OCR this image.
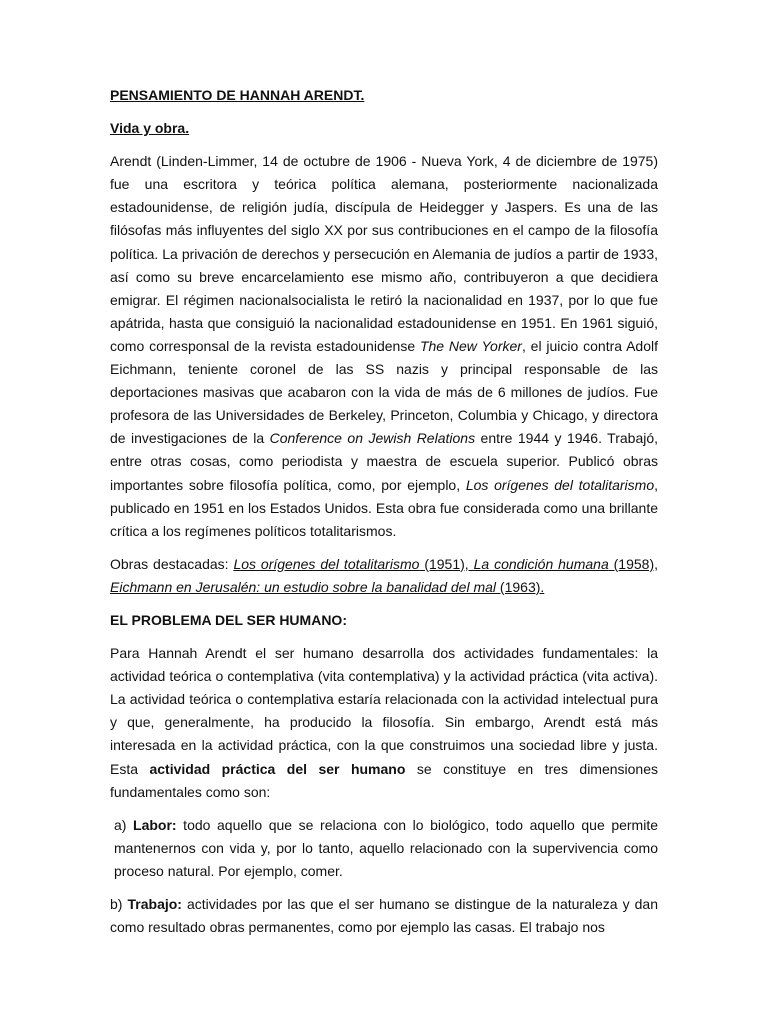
PENSAMIENTO DE HANNAH ARENDT.

Vida y obra.

Arendt (Linden-Limmer, 14 de octubre de 1906 - Nueva York, 4 de diciembre de 1975) fue una escritora y teórica política alemana, posteriormente nacionalizada estadounidense, de religión judía, discípula de Heidegger y Jaspers. Es una de las filósofas más influyentes del siglo XX por sus contribuciones en el campo de la filosofía política. La privación de derechos y persecución en Alemania de judíos a partir de 1933, así como su breve encarcelamiento ese mismo año, contribuyeron a que decidiera emigrar. El régimen nacionalsocialista le retiró la nacionalidad en 1937, por lo que fue apátrida, hasta que consiguió la nacionalidad estadounidense en 1951. En 1961 siguió, como corresponsal de la revista estadounidense The New Yorker, el juicio contra Adolf Eichmann, teniente coronel de las SS nazis y principal responsable de las deportaciones masivas que acabaron con la vida de más de 6 millones de judíos. Fue profesora de las Universidades de Berkeley, Princeton, Columbia y Chicago, y directora de investigaciones de la Conference on Jewish Relations entre 1944 y 1946. Trabajó, entre otras cosas, como periodista y maestra de escuela superior. Publicó obras importantes sobre filosofía política, como, por ejemplo, Los orígenes del totalitarismo, publicado en 1951 en los Estados Unidos. Esta obra fue considerada como una brillante crítica a los regímenes políticos totalitarismos.

Obras destacadas: Los orígenes del totalitarismo (1951), La condición humana (1958), Eichmann en Jerusalén: un estudio sobre la banalidad del mal (1963).

EL PROBLEMA DEL SER HUMANO:

Para Hannah Arendt el ser humano desarrolla dos actividades fundamentales: la actividad teórica o contemplativa (vita contemplativa) y la actividad práctica (vita activa). La actividad teórica o contemplativa estaría relacionada con la actividad intelectual pura y que, generalmente, ha producido la filosofía. Sin embargo, Arendt está más interesada en la actividad práctica, con la que construimos una sociedad libre y justa. Esta actividad práctica del ser humano se constituye en tres dimensiones fundamentales como son:

a) Labor: todo aquello que se relaciona con lo biológico, todo aquello que permite mantenernos con vida y, por lo tanto, aquello relacionado con la supervivencia como proceso natural. Por ejemplo, comer.

b) Trabajo: actividades por las que el ser humano se distingue de la naturaleza y dan como resultado obras permanentes, como por ejemplo las casas. El trabajo nos
